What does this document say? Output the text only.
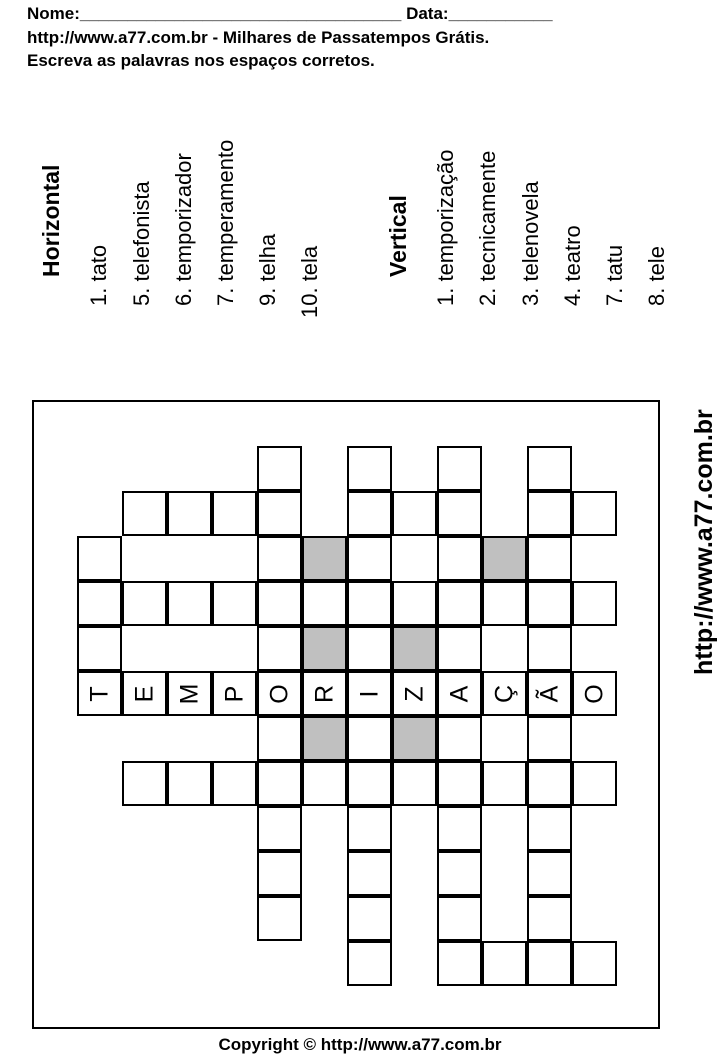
Nome:__________________________________ Data:___________
http://www.a77.com.br - Milhares de Passatempos Grátis.
Escreva as palavras nos espaços corretos.
Horizontal 1. tato 5. telefonista 6. temporizador 7. temperamento 9. telha 10. tela
Vertical 1. temporização 2. tecnicamente 3. telenovela 4. teatro 7. tatu 8. tele
http://www.a77.com.br
T E M P O R I Z A Ç Ã O
Copyright © http://www.a77.com.br
